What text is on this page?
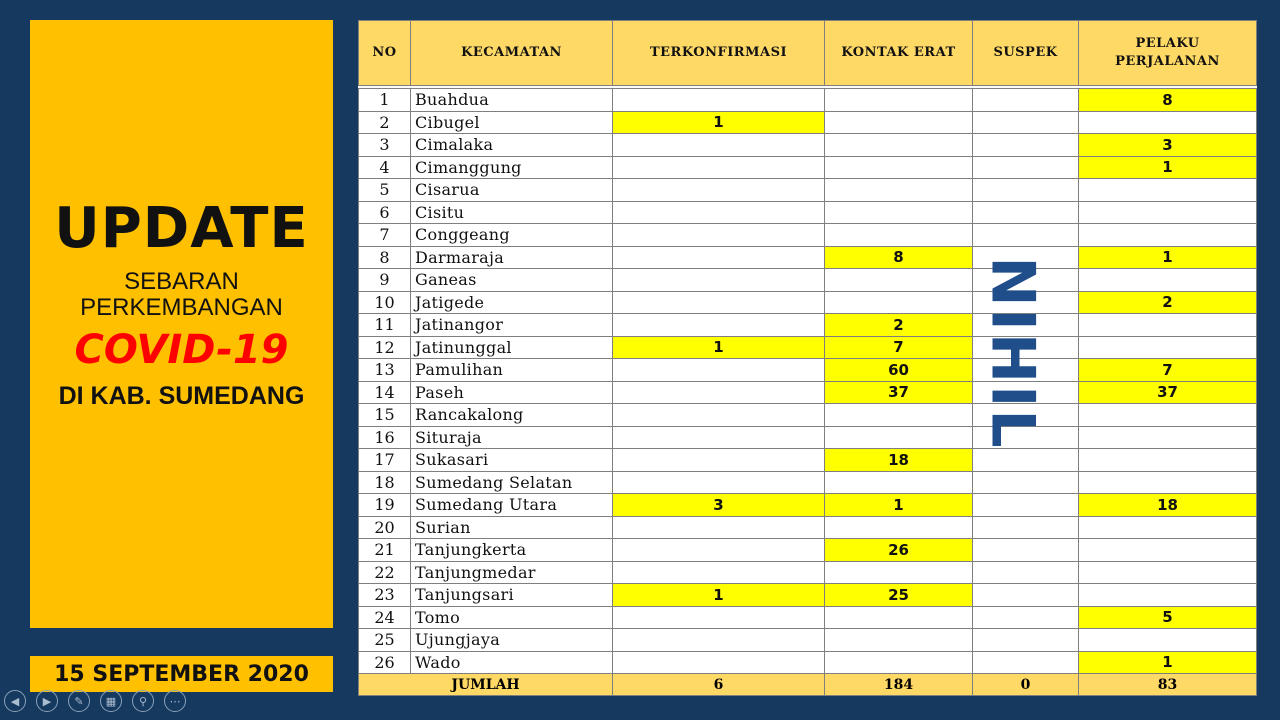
UPDATE
SEBARAN
PERKEMBANGAN
COVID-19
DI KAB. SUMEDANG
15 SEPTEMBER 2020
NO	KECAMATAN	TERKONFIRMASI	KONTAK ERAT	SUSPEK	PELAKU
PERJALANAN

1	Buahdua				8
2	Cibugel	1			
3	Cimalaka				3
4	Cimanggung				1
5	Cisarua				
6	Cisitu				
7	Conggeang				
8	Darmaraja		8		1
9	Ganeas				
10	Jatigede				2
11	Jatinangor		2		
12	Jatinunggal	1	7		
13	Pamulihan		60		7
14	Paseh		37		37
15	Rancakalong				
16	Situraja				
17	Sukasari		18		
18	Sumedang Selatan				
19	Sumedang Utara	3	1		18
20	Surian				
21	Tanjungkerta		26		
22	Tanjungmedar				
23	Tanjungsari	1	25		
24	Tomo				5
25	Ujungjaya				
26	Wado				1
JUMLAH		6	184	0	83
NIHIL
◀	▶	✎	▦	⚲	⋯
